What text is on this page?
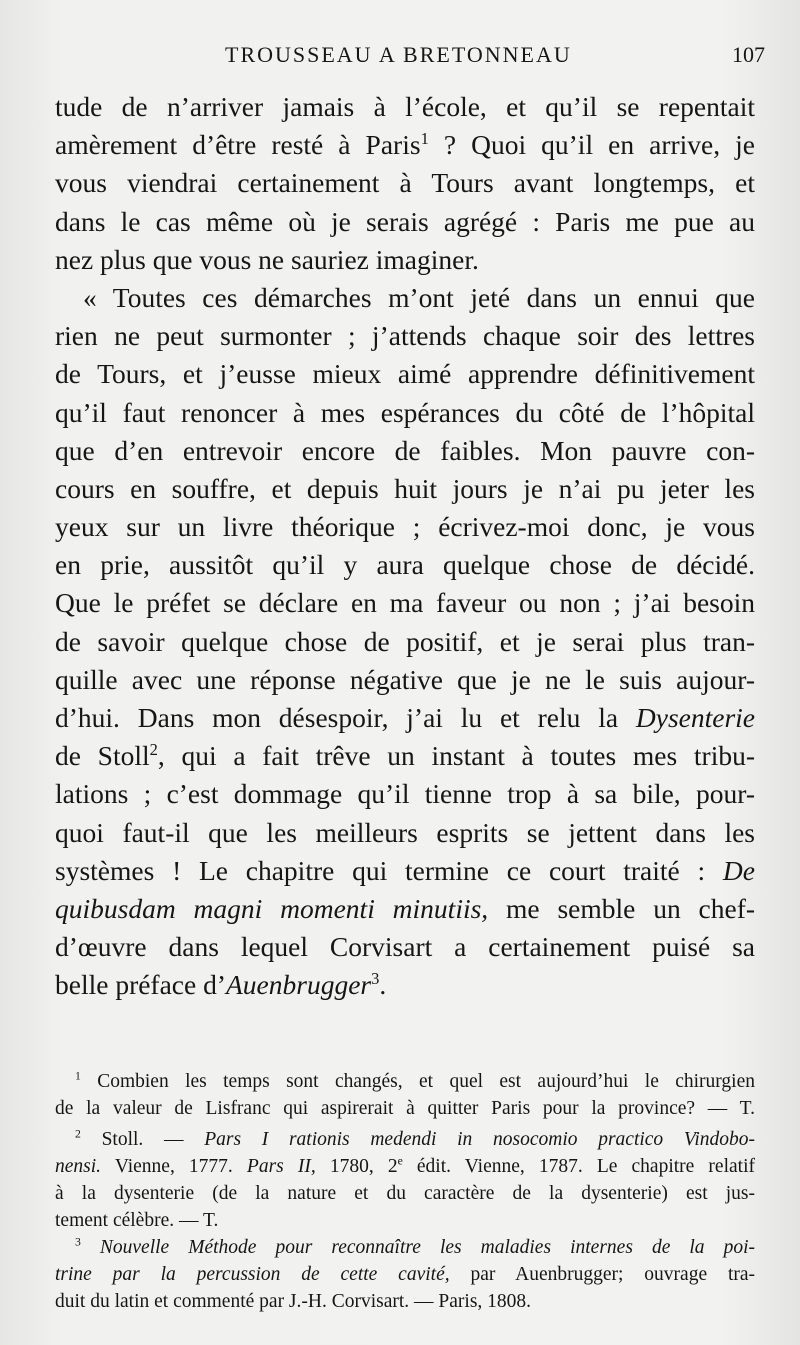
TROUSSEAU A BRETONNEAU	107
tude de n’arriver jamais à l’école, et qu’il se repentait
amèrement d’être resté à Paris$^1$ ? Quoi qu’il en arrive, je
vous viendrai certainement à Tours avant longtemps, et
dans le cas même où je serais agrégé : Paris me pue au
nez plus que vous ne sauriez imaginer.
« Toutes ces démarches m’ont jeté dans un ennui que
rien ne peut surmonter ; j’attends chaque soir des lettres
de Tours, et j’eusse mieux aimé apprendre définitivement
qu’il faut renoncer à mes espérances du côté de l’hôpital
que d’en entrevoir encore de faibles. Mon pauvre con-
cours en souffre, et depuis huit jours je n’ai pu jeter les
yeux sur un livre théorique ; écrivez-moi donc, je vous
en prie, aussitôt qu’il y aura quelque chose de décidé.
Que le préfet se déclare en ma faveur ou non ; j’ai besoin
de savoir quelque chose de positif, et je serai plus tran-
quille avec une réponse négative que je ne le suis aujour-
d’hui. Dans mon désespoir, j’ai lu et relu la Dysenterie
de Stoll$^2$, qui a fait trêve un instant à toutes mes tribu-
lations ; c’est dommage qu’il tienne trop à sa bile, pour-
quoi faut-il que les meilleurs esprits se jettent dans les
systèmes ! Le chapitre qui termine ce court traité : De
quibusdam magni momenti minutiis, me semble un chef-
d’œuvre dans lequel Corvisart a certainement puisé sa
belle préface d’Auenbrugger$^3$.
$^1$ Combien les temps sont changés, et quel est aujourd’hui le chirurgien
de la valeur de Lisfranc qui aspirerait à quitter Paris pour la province? — T.
$^2$ Stoll. — Pars I rationis medendi in nosocomio practico Vindobo-
nensi. Vienne, 1777. Pars II, 1780, 2e édit. Vienne, 1787. Le chapitre relatif
à la dysenterie (de la nature et du caractère de la dysenterie) est jus-
tement célèbre. — T.
$^3$ Nouvelle Méthode pour reconnaître les maladies internes de la poi-
trine par la percussion de cette cavité, par Auenbrugger; ouvrage tra-
duit du latin et commenté par J.-H. Corvisart. — Paris, 1808.
